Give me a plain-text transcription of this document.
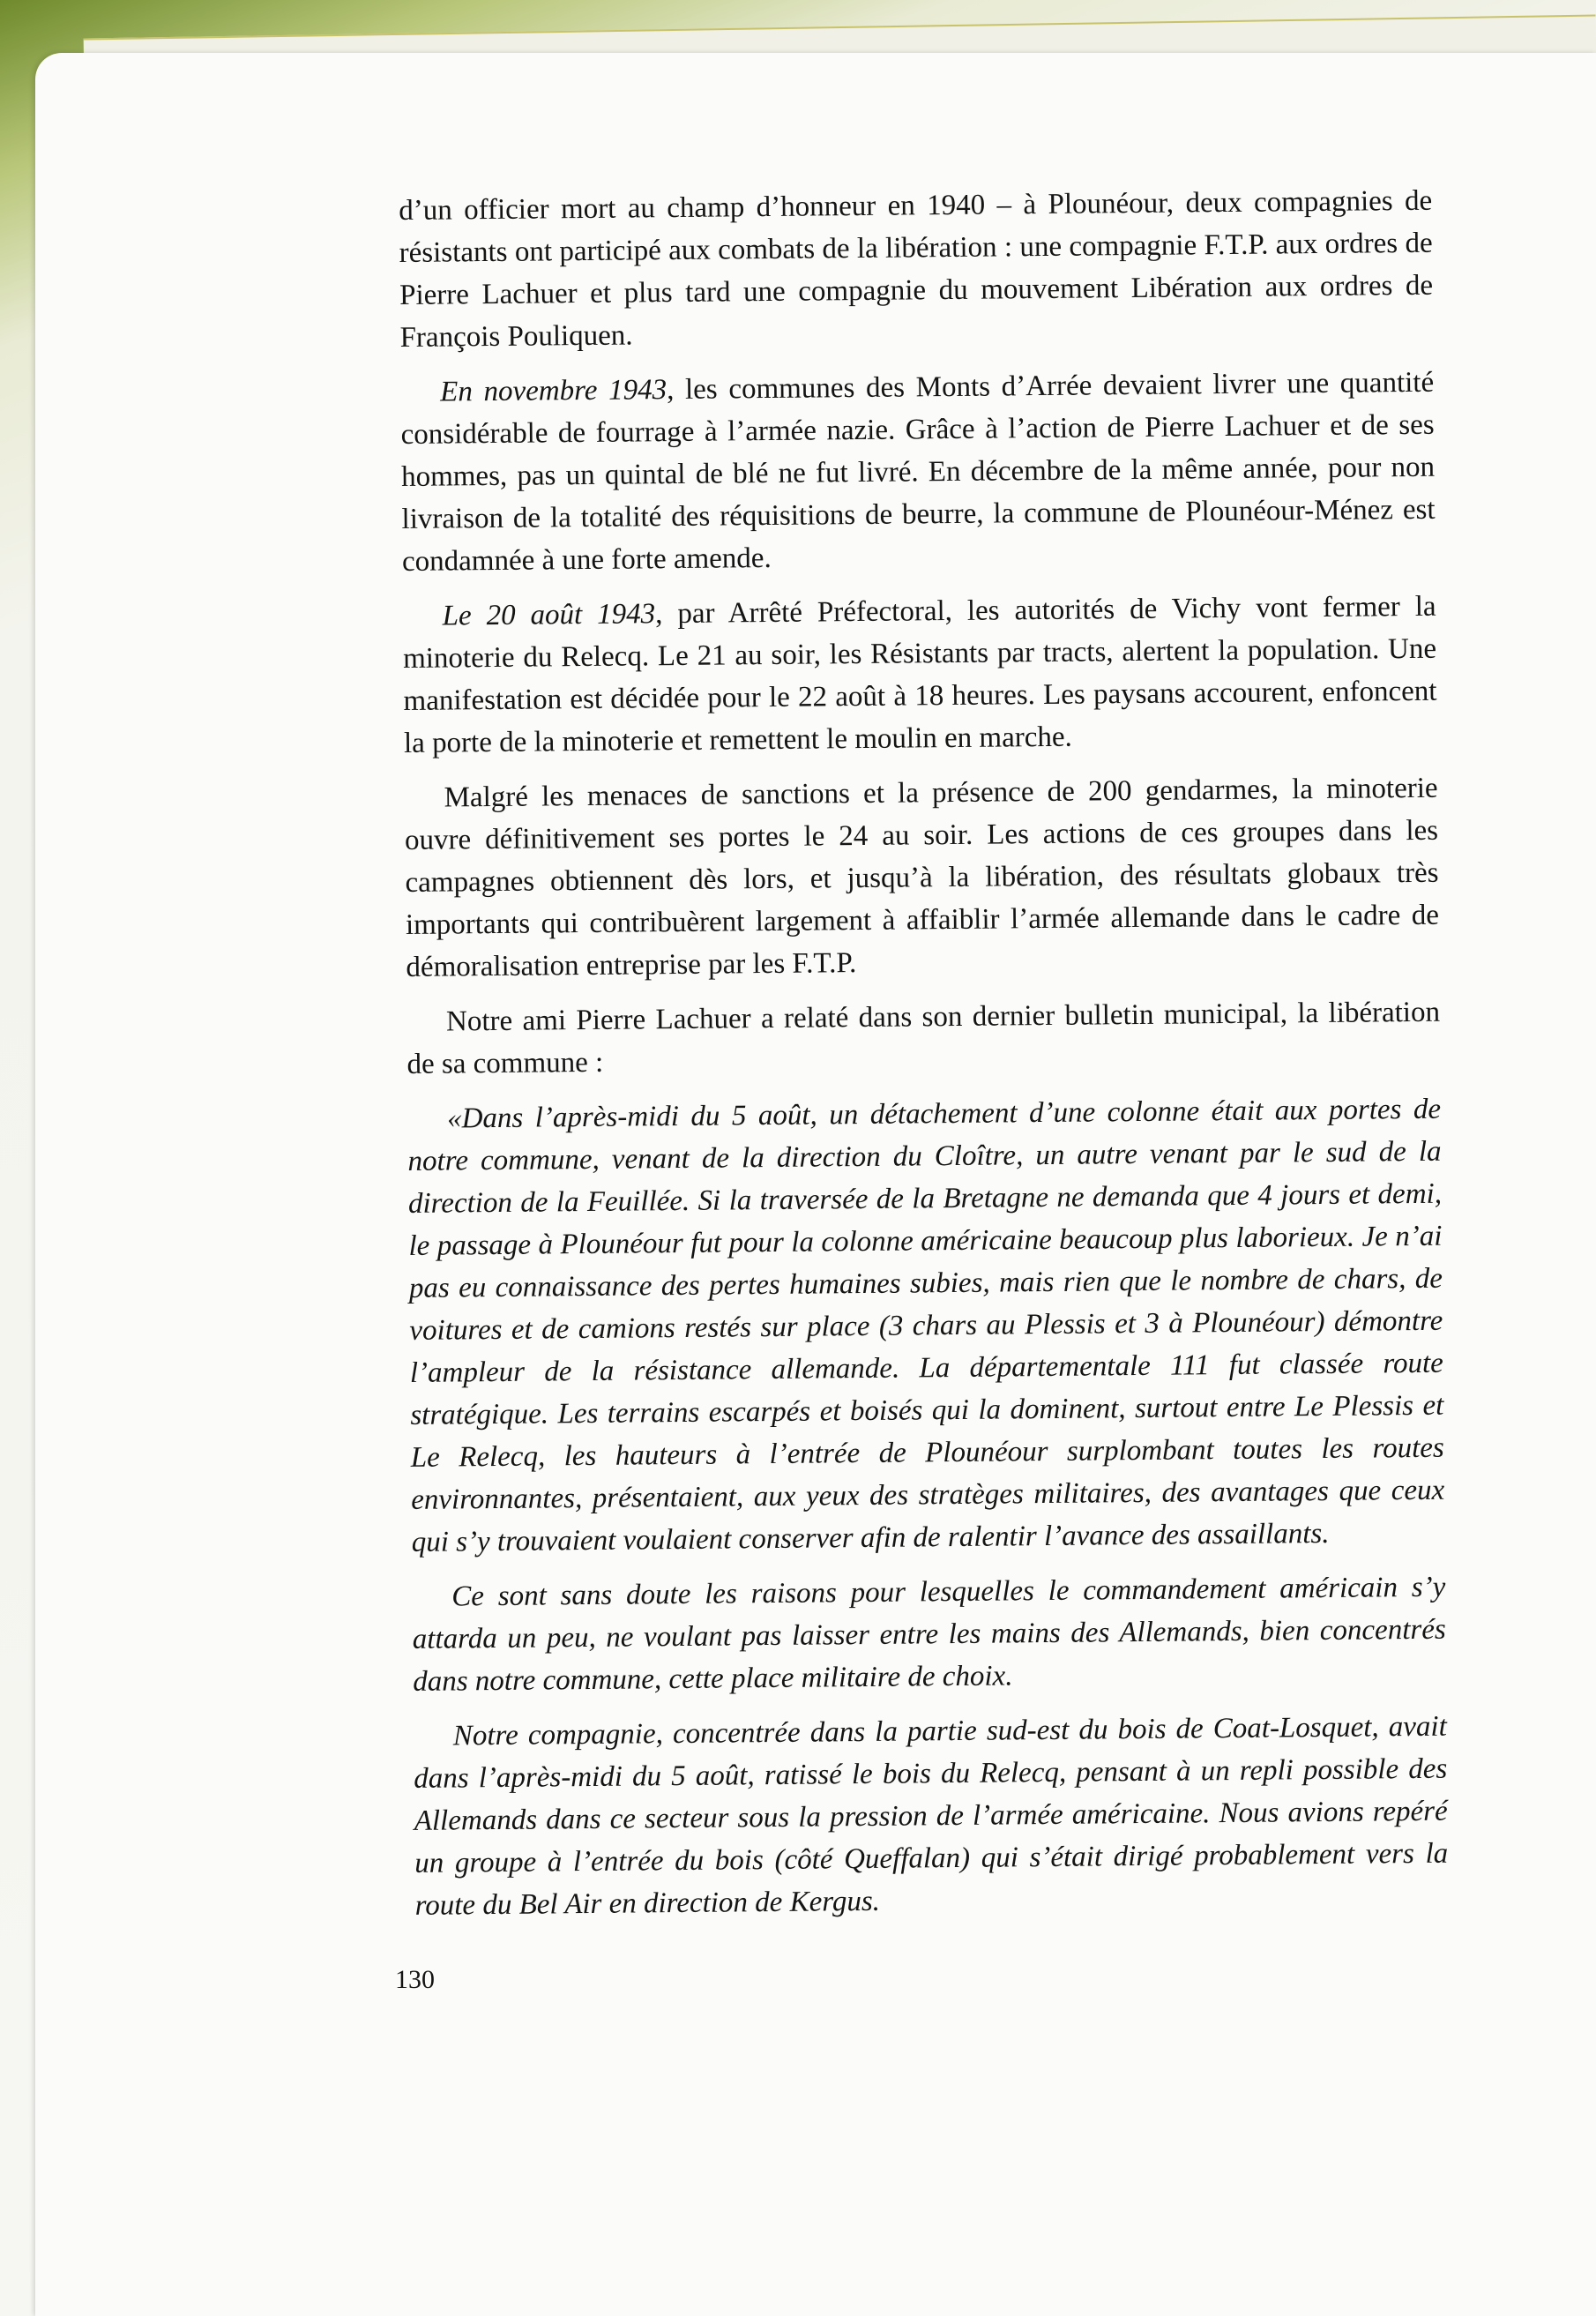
d’un officier mort au champ d’honneur en 1940 – à Plounéour, deux compagnies de résistants ont participé aux combats de la libération : une compagnie F.T.P. aux ordres de Pierre Lachuer et plus tard une compagnie du mouvement Libération aux ordres de François Pouliquen.

En novembre 1943, les communes des Monts d’Arrée devaient livrer une quantité considérable de fourrage à l’armée nazie. Grâce à l’action de Pierre Lachuer et de ses hommes, pas un quintal de blé ne fut livré. En décembre de la même année, pour non livraison de la totalité des réquisitions de beurre, la commune de Plounéour-Ménez est condamnée à une forte amende.

Le 20 août 1943, par Arrêté Préfectoral, les autorités de Vichy vont fermer la minoterie du Relecq. Le 21 au soir, les Résistants par tracts, alertent la population. Une manifestation est décidée pour le 22 août à 18 heures. Les paysans accourent, enfoncent la porte de la minoterie et remettent le moulin en marche.

Malgré les menaces de sanctions et la présence de 200 gendarmes, la minoterie ouvre définitivement ses portes le 24 au soir. Les actions de ces groupes dans les campagnes obtiennent dès lors, et jusqu’à la libération, des résultats globaux très importants qui contribuèrent largement à affaiblir l’armée allemande dans le cadre de démoralisation entreprise par les F.T.P.

Notre ami Pierre Lachuer a relaté dans son dernier bulletin municipal, la libération de sa commune :

«Dans l’après-midi du 5 août, un détachement d’une colonne était aux portes de notre commune, venant de la direction du Cloître, un autre venant par le sud de la direction de la Feuillée. Si la traversée de la Bretagne ne demanda que 4 jours et demi, le passage à Plounéour fut pour la colonne américaine beaucoup plus laborieux. Je n’ai pas eu connaissance des pertes humaines subies, mais rien que le nombre de chars, de voitures et de camions restés sur place (3 chars au Plessis et 3 à Plounéour) démontre l’ampleur de la résistance allemande. La départementale 111 fut classée route stratégique. Les terrains escarpés et boisés qui la dominent, surtout entre Le Plessis et Le Relecq, les hauteurs à l’entrée de Plounéour surplombant toutes les routes environnantes, présentaient, aux yeux des stratèges militaires, des avantages que ceux qui s’y trouvaient voulaient conserver afin de ralentir l’avance des assaillants.

Ce sont sans doute les raisons pour lesquelles le commandement américain s’y attarda un peu, ne voulant pas laisser entre les mains des Allemands, bien concentrés dans notre commune, cette place militaire de choix.

Notre compagnie, concentrée dans la partie sud-est du bois de Coat-Losquet, avait dans l’après-midi du 5 août, ratissé le bois du Relecq, pensant à un repli possible des Allemands dans ce secteur sous la pression de l’armée américaine. Nous avions repéré un groupe à l’entrée du bois (côté Queffalan) qui s’était dirigé probablement vers la route du Bel Air en direction de Kergus.

130
